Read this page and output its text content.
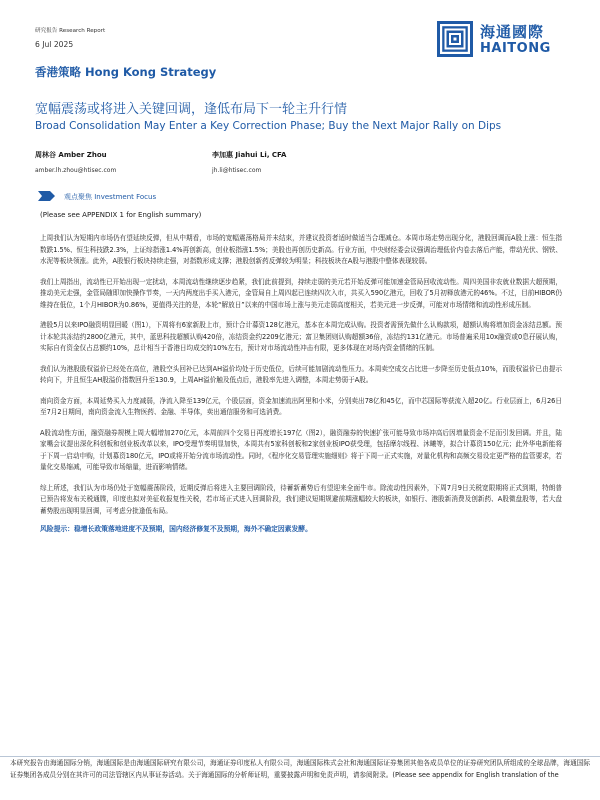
研究报告 Research Report
6 Jul 2025
海通國際
HAITONG
香港策略 Hong Kong Strategy
宽幅震荡或将进入关键回调，逢低布局下一轮主升行情
Broad Consolidation May Enter a Key Correction Phase; Buy the Next Major Rally on Dips
周林谷 Amber Zhou
amber.lh.zhou@htisec.com
李加惠 Jiahui Li, CFA
jh.li@htisec.com
观点聚焦 Investment Focus
(Please see APPENDIX 1 for English summary)

上周我们认为短期内市场仍有望延续反弹，但从中期看，市场的宽幅震荡格局并未结束，并建议投资者适时做适当合理减仓。本周市场走势出现分化，港股回调而A股上涨：恒生指数跌1.5%、恒生科技跌2.3%，上证综指涨1.4%再创新高，创业板指涨1.5%；美股也再创历史新高。行业方面，中央财经委会议强调治理低价内卷去落后产能，带动光伏、钢铁、水泥等板块领涨。此外，A股银行板块持续走强，对指数形成支撑；港股创新药反弹较为明显；科技板块在A股与港股中整体表现较弱。

我们上周指出，流动性已开始出现一定扰动，本周流动性继续逐步趋紧，我们此前提到，持续走弱的美元若开始反弹可能加速金管局回收流动性。周四美国非农就业数据大超预期，推动美元走强，金管局随即加快操作节奏，一天内两度出手买入港元，金管局自上周四起已连续四次入市，共买入590亿港元，回收了5月初释放港元的46%。不过，目前HIBOR仍维持在低位，1个月HIBOR为0.86%，更值得关注的是，本轮“解放日”以来的中国市场上涨与美元走弱高度相关，若美元进一步反弹，可能对市场情绪和流动性形成压制。

港股5月以来IPO融资明显回暖（图1），下周将有6家新股上市，预计合计募资128亿港元，基本在本周完成认购。投资者需预先做什么认购款项，超额认购将增加资金冻结总额。预计本轮共冻结约2800亿港元，其中，蓝思科技超额认购420倍，冻结资金约2209亿港元；富卫集团则认购超额36倍，冻结约131亿港元。市场普遍采用10x融资或0息孖展认购，实际自有资金仅占总额约10%，总计相当于香港日均成交的10%左右，预计对市场流动性冲击有限，更多体现在对场内资金情绪的压制。

我们认为港股股权溢价已经处在高位，港股空头回补已达到AH溢价均处于历史低位，后续可能加剧流动性压力。本周卖空成交占比进一步降至历史低点10%，而股权溢价已由提示转向下，并且恒生AH股溢价指数回升至130.9，上周AH溢价触及低点后，港股率先进入调整，本周走势弱于A股。

南向资金方面，本周延势买入力度减弱，净流入降至139亿元，个股层面，资金加速流出阿里和小米，分别卖出78亿和45亿，而中芯国际等获流入超20亿。行业层面上，6月26日至7月2日期间，南向资金流入生物医药、金融、半导体，卖出通信服务和可选消费。

A股流动性方面，融资融券规模上周大幅增加270亿元，本周前四个交易日再度增长197亿（图2），融资融券的快速扩张可能导致市场冲高后因增量资金不足而引发回调。并且，陆家嘴会议提出深化科创板和创业板改革以来，IPO受理节奏明显加快，本周共有5家科创板和2家创业板IPO获受理，包括摩尔线程、沐曦等，拟合计募资150亿元；此外华电新能将于下周一启动申购，计划募资180亿元，IPO或将开始分流市场流动性。同时，《程序化交易管理实施细则》将于下周一正式实施，对量化机构和高频交易设定更严格的监管要求，若量化交易缩减，可能导致市场缩量，进而影响情绪。

综上所述，我们认为市场仍处于宽幅震荡阶段，近期反弹后将进入主要回调阶段，待蓄新蓄势后有望迎来全面牛市。除流动性因素外，下周7月9日关税宽限期将正式到期，特朗普已预告将发布关税通牒，印度也拟对美征收报复性关税，若市场正式进入回调阶段，我们建议短期规避前期涨幅较大的板块，如银行、港股新消费及创新药、A股微盘股等，若大盘蓄势股出现明显回调，可考虑分批逢低布局。

风险提示：稳增长政策落地进度不及预期，国内经济修复不及预期，海外不确定因素发酵。

本研究报告由海通国际分销，海通国际是由海通国际研究有限公司，海通证券印度私人有限公司，海通国际株式会社和海通国际证券集团其他各成员单位的证券研究团队所组成的全球品牌，海通国际证券集团各成员分别在其许可的司法管辖区内从事证券活动。关于海通国际的分析师证明，重要披露声明和免责声明，请参阅附录。(Please see appendix for English translation of the
